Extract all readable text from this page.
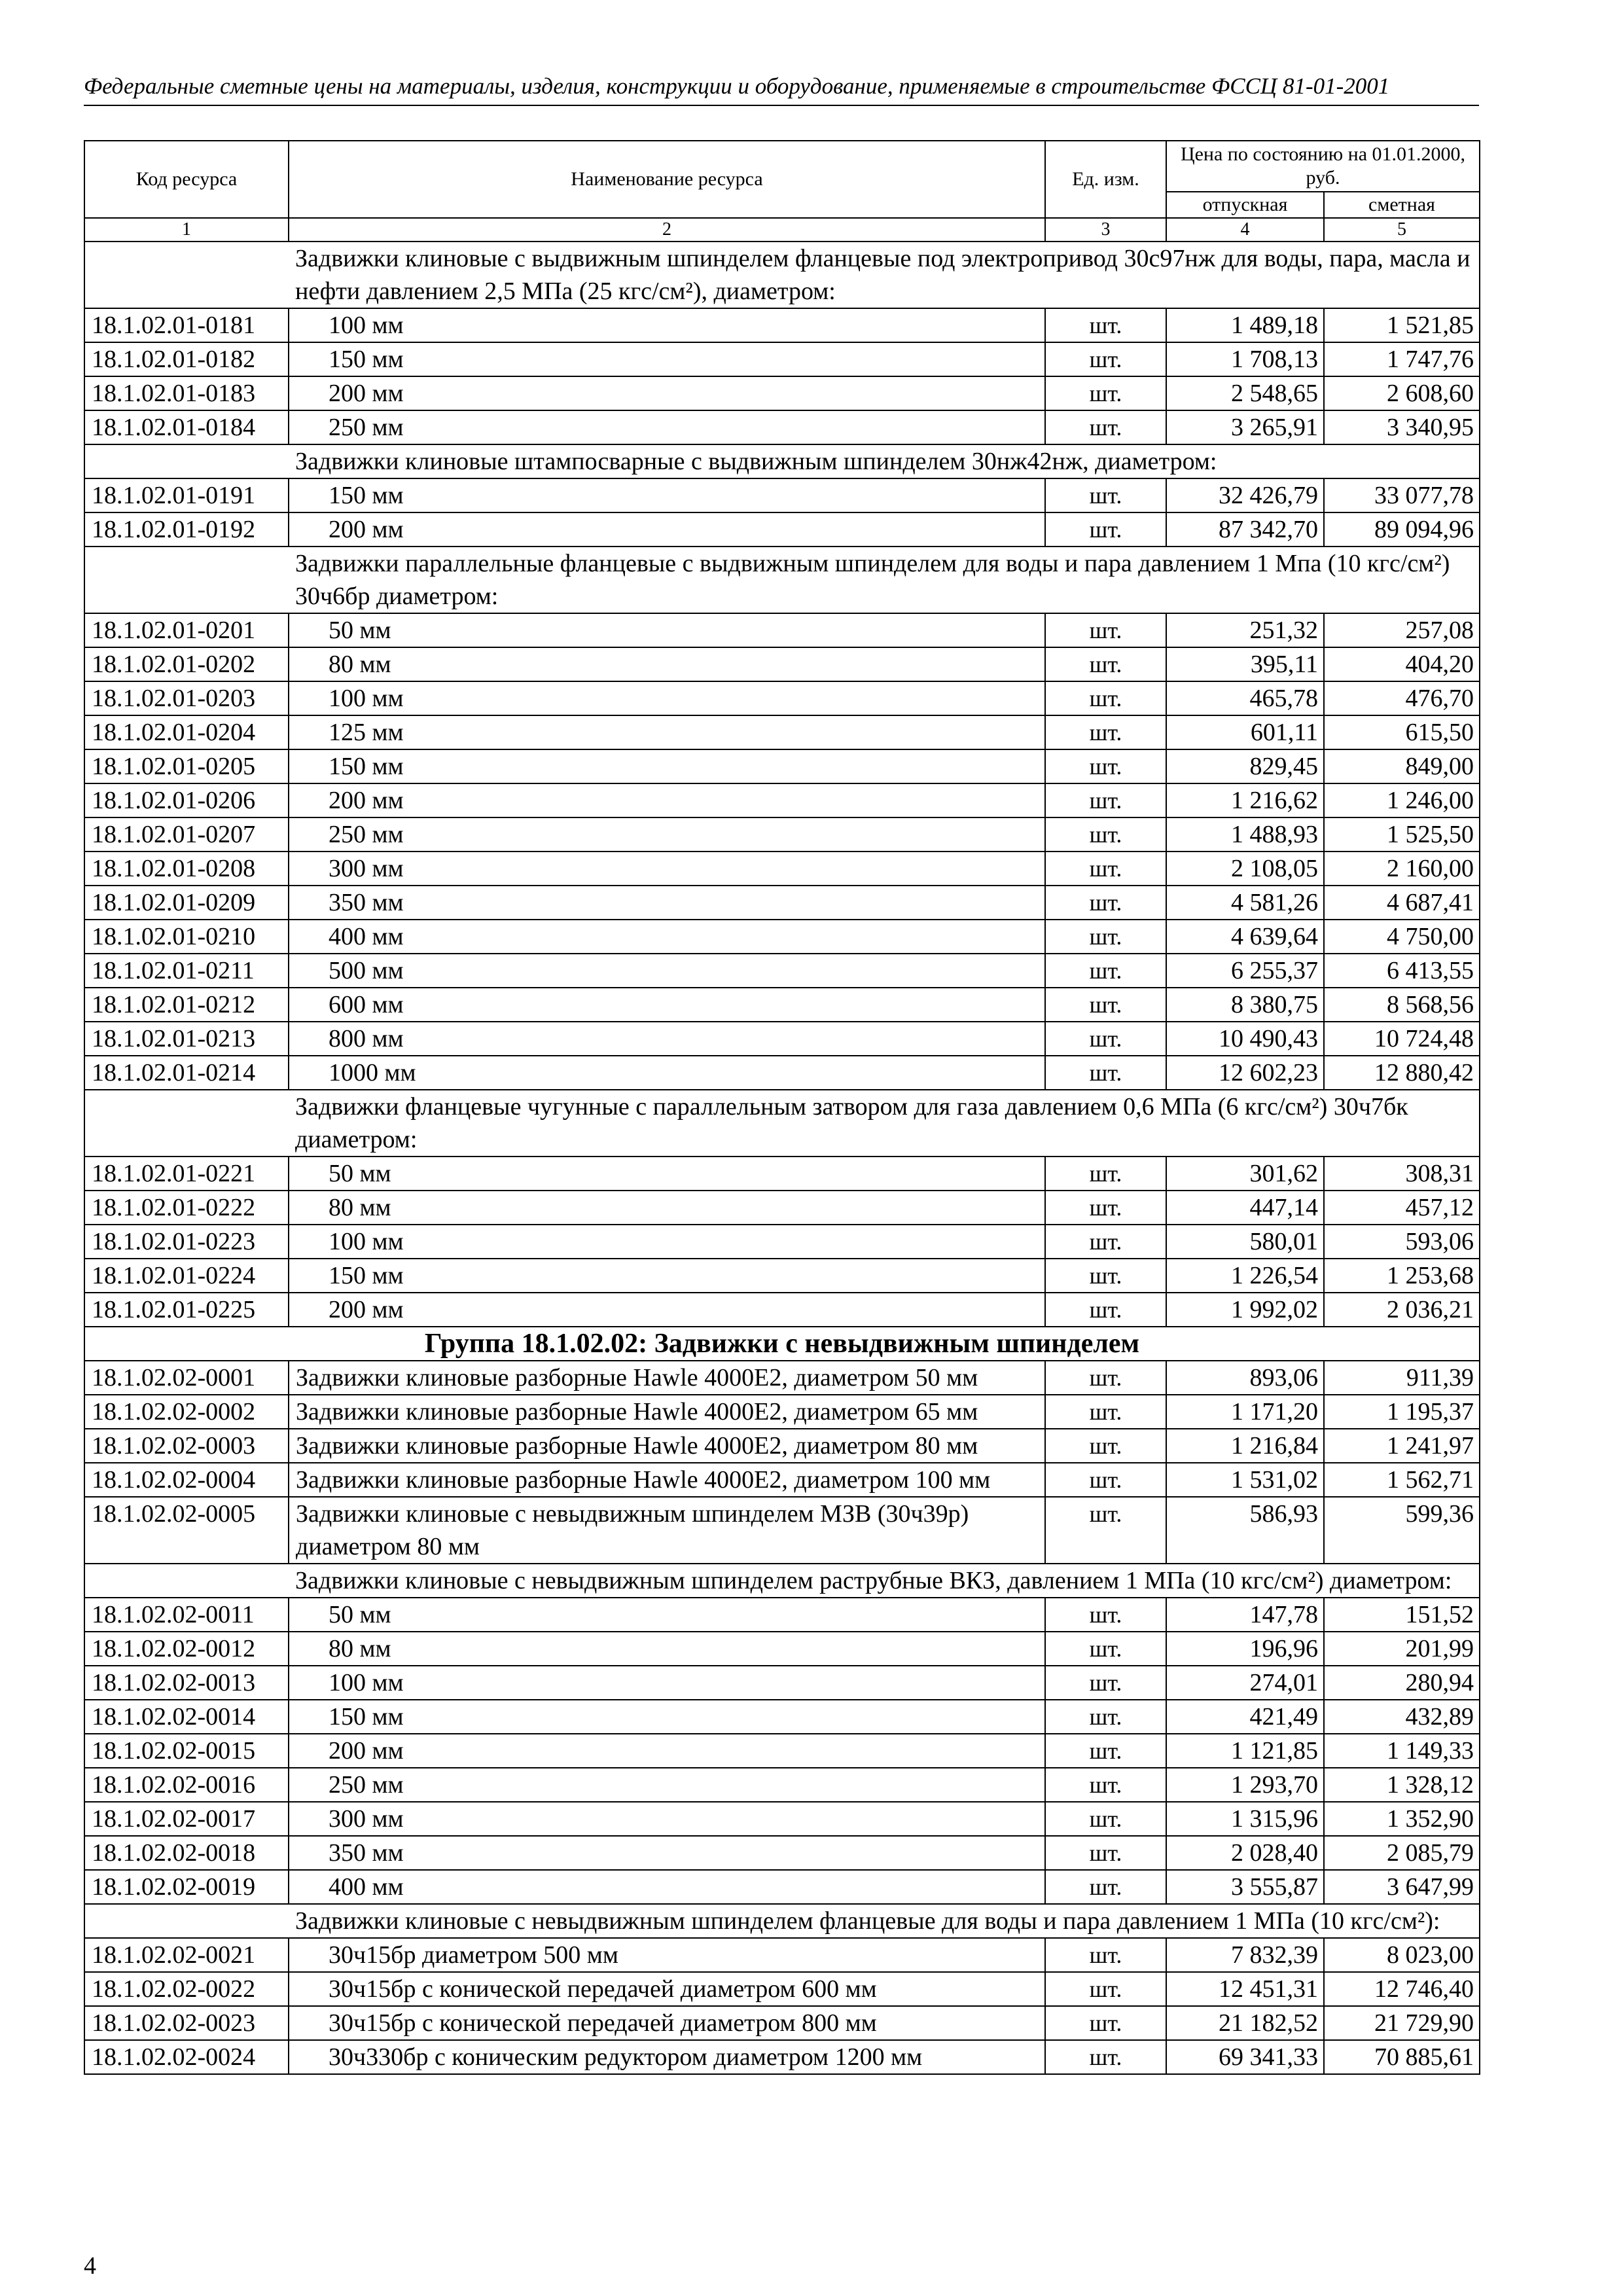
Федеральные сметные цены на материалы, изделия, конструкции и оборудование, применяемые в строительстве ФССЦ 81-01-2001
Код ресурса	Наименование ресурса	Ед. изм.	Цена по состоянию на 01.01.2000, руб.	
			отпускная	сметная
1	2	3	4	5
	Задвижки клиновые с выдвижным шпинделем фланцевые под электропривод 30с97нж для воды, пара, масла и нефти давлением 2,5 МПа (25 кгс/см²), диаметром:			
18.1.02.01-0181	100 мм	шт.	1 489,18	1 521,85
18.1.02.01-0182	150 мм	шт.	1 708,13	1 747,76
18.1.02.01-0183	200 мм	шт.	2 548,65	2 608,60
18.1.02.01-0184	250 мм	шт.	3 265,91	3 340,95
	Задвижки клиновые штампосварные с выдвижным шпинделем 30нж42нж, диаметром:			
18.1.02.01-0191	150 мм	шт.	32 426,79	33 077,78
18.1.02.01-0192	200 мм	шт.	87 342,70	89 094,96
	Задвижки параллельные фланцевые с выдвижным шпинделем для воды и пара давлением 1 Мпа (10 кгс/см²) 30ч6бр диаметром:			
18.1.02.01-0201	50 мм	шт.	251,32	257,08
18.1.02.01-0202	80 мм	шт.	395,11	404,20
18.1.02.01-0203	100 мм	шт.	465,78	476,70
18.1.02.01-0204	125 мм	шт.	601,11	615,50
18.1.02.01-0205	150 мм	шт.	829,45	849,00
18.1.02.01-0206	200 мм	шт.	1 216,62	1 246,00
18.1.02.01-0207	250 мм	шт.	1 488,93	1 525,50
18.1.02.01-0208	300 мм	шт.	2 108,05	2 160,00
18.1.02.01-0209	350 мм	шт.	4 581,26	4 687,41
18.1.02.01-0210	400 мм	шт.	4 639,64	4 750,00
18.1.02.01-0211	500 мм	шт.	6 255,37	6 413,55
18.1.02.01-0212	600 мм	шт.	8 380,75	8 568,56
18.1.02.01-0213	800 мм	шт.	10 490,43	10 724,48
18.1.02.01-0214	1000 мм	шт.	12 602,23	12 880,42
	Задвижки фланцевые чугунные с параллельным затвором для газа давлением 0,6 МПа (6 кгс/см²) 30ч7бк диаметром:			
18.1.02.01-0221	50 мм	шт.	301,62	308,31
18.1.02.01-0222	80 мм	шт.	447,14	457,12
18.1.02.01-0223	100 мм	шт.	580,01	593,06
18.1.02.01-0224	150 мм	шт.	1 226,54	1 253,68
18.1.02.01-0225	200 мм	шт.	1 992,02	2 036,21
Группа 18.1.02.02: Задвижки с невыдвижным шпинделем				
18.1.02.02-0001	Задвижки клиновые разборные Hawle 4000E2, диаметром 50 мм	шт.	893,06	911,39
18.1.02.02-0002	Задвижки клиновые разборные Hawle 4000E2, диаметром 65 мм	шт.	1 171,20	1 195,37
18.1.02.02-0003	Задвижки клиновые разборные Hawle 4000E2, диаметром 80 мм	шт.	1 216,84	1 241,97
18.1.02.02-0004	Задвижки клиновые разборные Hawle 4000E2, диаметром 100 мм	шт.	1 531,02	1 562,71
18.1.02.02-0005	Задвижки клиновые с невыдвижным шпинделем МЗВ (30ч39р) диаметром 80 мм	шт.	586,93	599,36
	Задвижки клиновые с невыдвижным шпинделем раструбные ВКЗ, давлением 1 МПа (10 кгс/см²) диаметром:			
18.1.02.02-0011	50 мм	шт.	147,78	151,52
18.1.02.02-0012	80 мм	шт.	196,96	201,99
18.1.02.02-0013	100 мм	шт.	274,01	280,94
18.1.02.02-0014	150 мм	шт.	421,49	432,89
18.1.02.02-0015	200 мм	шт.	1 121,85	1 149,33
18.1.02.02-0016	250 мм	шт.	1 293,70	1 328,12
18.1.02.02-0017	300 мм	шт.	1 315,96	1 352,90
18.1.02.02-0018	350 мм	шт.	2 028,40	2 085,79
18.1.02.02-0019	400 мм	шт.	3 555,87	3 647,99
	Задвижки клиновые с невыдвижным шпинделем фланцевые для воды и пара давлением 1 МПа (10 кгс/см²):			
18.1.02.02-0021	30ч15бр диаметром 500 мм	шт.	7 832,39	8 023,00
18.1.02.02-0022	30ч15бр с конической передачей диаметром 600 мм	шт.	12 451,31	12 746,40
18.1.02.02-0023	30ч15бр с конической передачей диаметром 800 мм	шт.	21 182,52	21 729,90
18.1.02.02-0024	30ч330бр с коническим редуктором диаметром 1200 мм	шт.	69 341,33	70 885,61
4
